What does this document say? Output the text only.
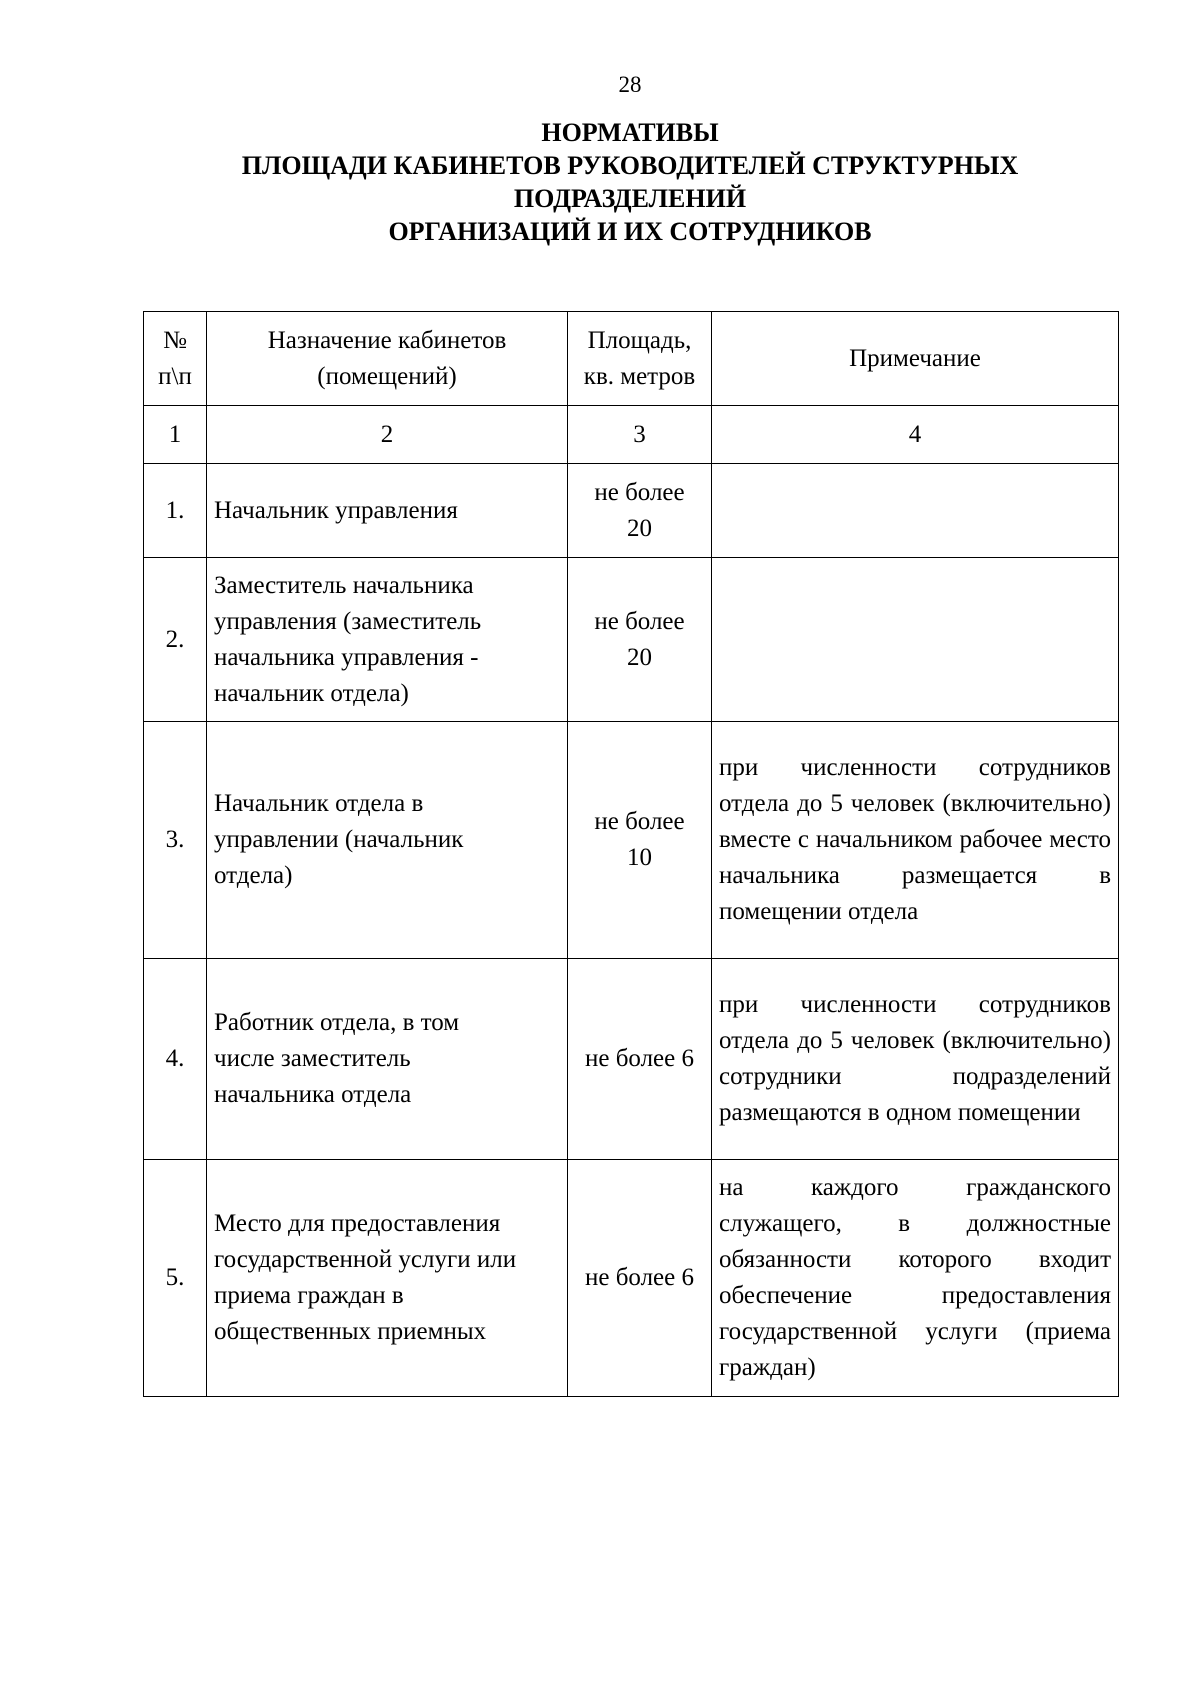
28
НОРМАТИВЫ
ПЛОЩАДИ КАБИНЕТОВ РУКОВОДИТЕЛЕЙ СТРУКТУРНЫХ
ПОДРАЗДЕЛЕНИЙ
ОРГАНИЗАЦИЙ И ИХ СОТРУДНИКОВ
№ п\п	Назначение кабинетов (помещений)	Площадь, кв. метров	Примечание
1	2	3	4
1.	Начальник управления	не более 20	
2.	Заместитель начальника управления (заместитель начальника управления - начальник отдела)	не более 20	
3.	Начальник отдела в управлении (начальник отдела)	не более 10	при численности сотрудников отдела до 5 человек (включительно) вместе с начальником рабочее место начальника размещается в помещении отдела
4.	Работник отдела, в том числе заместитель начальника отдела	не более 6	при численности сотрудников отдела до 5 человек (включительно) сотрудники подразделений размещаются в одном помещении
5.	Место для предоставления государственной услуги или приема граждан в общественных приемных	не более 6	на каждого гражданского служащего, в должностные обязанности которого входит обеспечение предоставления государственной услуги (приема граждан)
